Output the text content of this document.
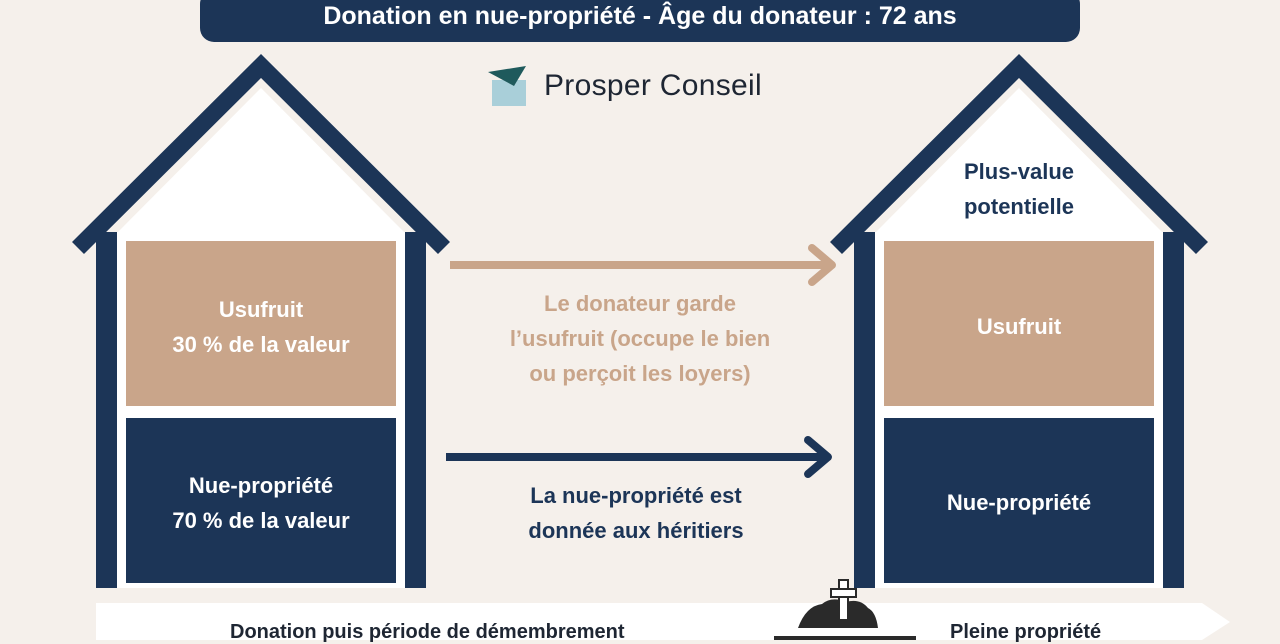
Donation en nue-propriété - Âge du donateur : 72 ans
Prosper Conseil
Usufruit
30 % de la valeur
Nue-propriété
70 % de la valeur
Plus-value
potentielle
Usufruit
Nue-propriété
Le donateur garde
l’usufruit (occupe le bien
ou perçoit les loyers)
La nue-propriété est
donnée aux héritiers
Donation puis période de démembrement	Pleine propriété
